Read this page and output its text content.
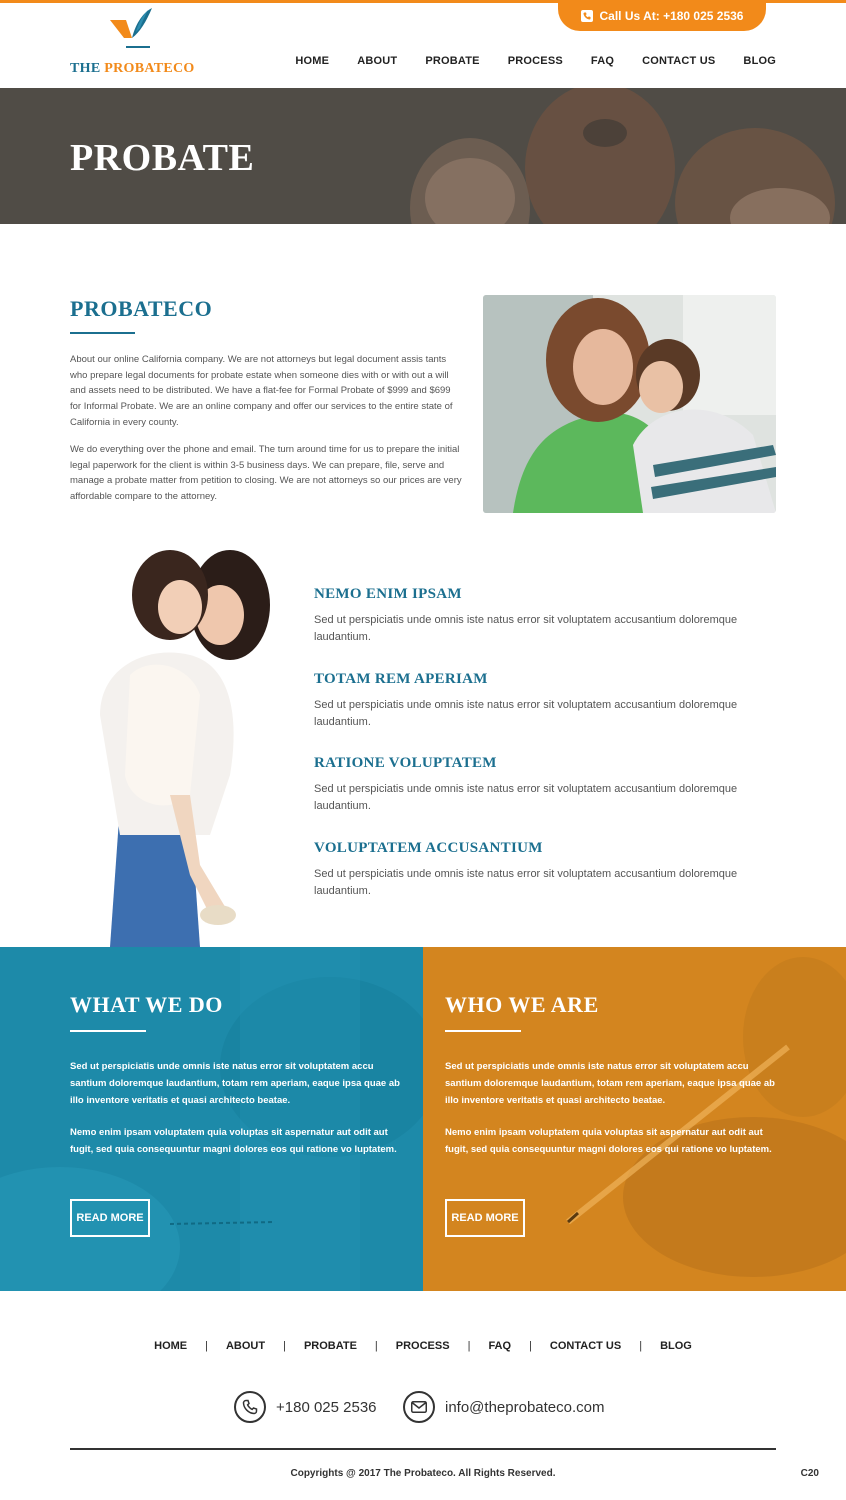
Call Us At: +180 025 2536
THE PROBATECO	HOME	ABOUT	PROBATE	PROCESS	FAQ	CONTACT US	BLOG
PROBATE
PROBATECO

About our online California company. We are not attorneys but legal document assis tants who prepare legal documents for probate estate when someone dies with or with out a will and assets need to be distributed. We have a flat-fee for Formal Probate of $999 and $699 for Informal Probate. We are an online company and offer our services to the entire state of California in every county.

We do everything over the phone and email. The turn around time for us to prepare the initial legal paperwork for the client is within 3-5 business days. We can prepare, file, serve and manage a probate matter from petition to closing. We are not attorneys so our prices are very affordable compare to the attorney.

NEMO ENIM IPSAM

Sed ut perspiciatis unde omnis iste natus error sit voluptatem accusantium doloremque laudantium.

TOTAM REM APERIAM

Sed ut perspiciatis unde omnis iste natus error sit voluptatem accusantium doloremque laudantium.

RATIONE VOLUPTATEM

Sed ut perspiciatis unde omnis iste natus error sit voluptatem accusantium doloremque laudantium.

VOLUPTATEM ACCUSANTIUM

Sed ut perspiciatis unde omnis iste natus error sit voluptatem accusantium doloremque laudantium.

WHAT WE DO

Sed ut perspiciatis unde omnis iste natus error sit voluptatem accu santium doloremque laudantium, totam rem aperiam, eaque ipsa quae ab illo inventore veritatis et quasi architecto beatae.

Nemo enim ipsam voluptatem quia voluptas sit aspernatur aut odit aut fugit, sed quia consequuntur magni dolores eos qui ratione vo luptatem.

READ MORE
WHO WE ARE

Sed ut perspiciatis unde omnis iste natus error sit voluptatem accu santium doloremque laudantium, totam rem aperiam, eaque ipsa quae ab illo inventore veritatis et quasi architecto beatae.

Nemo enim ipsam voluptatem quia voluptas sit aspernatur aut odit aut fugit, sed quia consequuntur magni dolores eos qui ratione vo luptatem.

READ MORE
HOME | ABOUT | PROBATE | PROCESS | FAQ | CONTACT US | BLOG
+180 025 2536	info@theprobateco.com
Copyrights @ 2017 The Probateco. All Rights Reserved.	C20
